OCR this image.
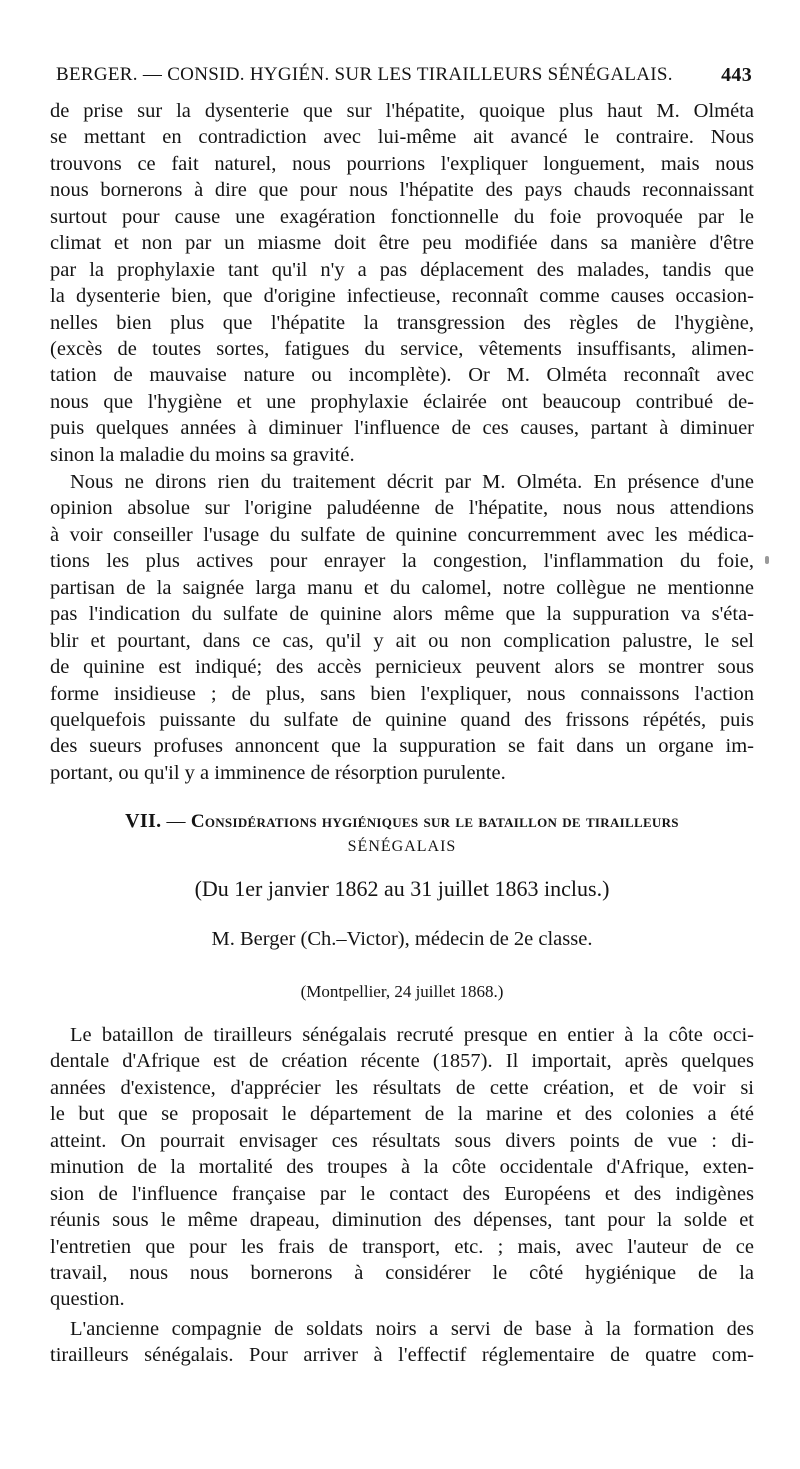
BERGER. — CONSID. HYGIÉN. SUR LES TIRAILLEURS SÉNÉGALAIS. 443
de prise sur la dysenterie que sur l'hépatite, quoique plus haut M. Olméta
se mettant en contradiction avec lui-même ait avancé le contraire. Nous
trouvons ce fait naturel, nous pourrions l'expliquer longuement, mais nous
nous bornerons à dire que pour nous l'hépatite des pays chauds reconnaissant
surtout pour cause une exagération fonctionnelle du foie provoquée par le
climat et non par un miasme doit être peu modifiée dans sa manière d'être
par la prophylaxie tant qu'il n'y a pas déplacement des malades, tandis que
la dysenterie bien, que d'origine infectieuse, reconnaît comme causes occasion-
nelles bien plus que l'hépatite la transgression des règles de l'hygiène,
(excès de toutes sortes, fatigues du service, vêtements insuffisants, alimen-
tation de mauvaise nature ou incomplète). Or M. Olméta reconnaît avec
nous que l'hygiène et une prophylaxie éclairée ont beaucoup contribué de-
puis quelques années à diminuer l'influence de ces causes, partant à diminuer
sinon la maladie du moins sa gravité.
Nous ne dirons rien du traitement décrit par M. Olméta. En présence d'une
opinion absolue sur l'origine paludéenne de l'hépatite, nous nous attendions
à voir conseiller l'usage du sulfate de quinine concurremment avec les médica-
tions les plus actives pour enrayer la congestion, l'inflammation du foie,
partisan de la saignée larga manu et du calomel, notre collègue ne mentionne
pas l'indication du sulfate de quinine alors même que la suppuration va s'éta-
blir et pourtant, dans ce cas, qu'il y ait ou non complication palustre, le sel
de quinine est indiqué; des accès pernicieux peuvent alors se montrer sous
forme insidieuse ; de plus, sans bien l'expliquer, nous connaissons l'action
quelquefois puissante du sulfate de quinine quand des frissons répétés, puis
des sueurs profuses annoncent que la suppuration se fait dans un organe im-
portant, ou qu'il y a imminence de résorption purulente.
VII. — Considérations hygiéniques sur le bataillon de tirailleurs
SÉNÉGALAIS
(Du 1er janvier 1862 au 31 juillet 1863 inclus.)
M. Berger (Ch.–Victor), médecin de 2e classe.
(Montpellier, 24 juillet 1868.)
Le bataillon de tirailleurs sénégalais recruté presque en entier à la côte occi-
dentale d'Afrique est de création récente (1857). Il importait, après quelques
années d'existence, d'apprécier les résultats de cette création, et de voir si
le but que se proposait le département de la marine et des colonies a été
atteint. On pourrait envisager ces résultats sous divers points de vue : di-
minution de la mortalité des troupes à la côte occidentale d'Afrique, exten-
sion de l'influence française par le contact des Européens et des indigènes
réunis sous le même drapeau, diminution des dépenses, tant pour la solde et
l'entretien que pour les frais de transport, etc. ; mais, avec l'auteur de ce
travail, nous nous bornerons à considérer le côté hygiénique de la
question.
L'ancienne compagnie de soldats noirs a servi de base à la formation des
tirailleurs sénégalais. Pour arriver à l'effectif réglementaire de quatre com-
